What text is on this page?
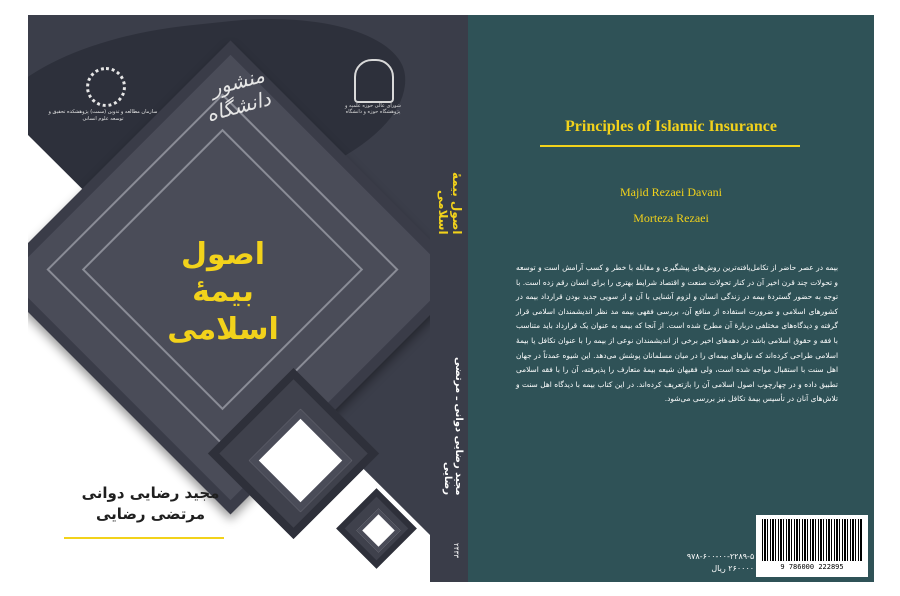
سازمان مطالعه و تدوین (سمت) پژوهشکده تحقیق و توسعه علوم انسانی
منشور دانشگاه	شورای عالی حوزه علمیه و پژوهشگاه حوزه و دانشگاه
اصول
بیمهٔ اسلامی
مجید رضایی دوانی
مرتضی رضایی
اصول بیمهٔ اسلامی
مجید رضایی دوانی ـ مرتضی رضایی
۲۴۳۳
Principles of Islamic Insurance
Majid Rezaei Davani
Morteza Rezaei
بیمه در عصر حاضر از تکامل‌یافته‌ترین روش‌های پیشگیری و مقابله با خطر و کسب آرامش است و توسعه و تحولات چند قرن اخیر آن در کنار تحولات صنعت و اقتصاد شرایط بهتری را برای انسان رقم زده است. با توجه به حضور گستردهٔ بیمه در زندگی انسان و لزوم آشنایی با آن و از سویی جدید بودن قرارداد بیمه در کشورهای اسلامی و ضرورت استفاده از منافع آن، بررسی فقهی بیمه مد نظر اندیشمندان اسلامی قرار گرفته و دیدگاه‌های مختلفی دربارهٔ آن مطرح شده است. از آنجا که بیمه به عنوان یک قرارداد باید متناسب با فقه و حقوق اسلامی باشد در دهه‌های اخیر برخی از اندیشمندان نوعی از بیمه را با عنوان تکافل یا بیمهٔ اسلامی طراحی کرده‌اند که نیازهای بیمه‌ای را در میان مسلمانان پوشش می‌دهد. این شیوه عمدتاً در جهان اهل سنت با استقبال مواجه شده است، ولی فقیهان شیعه بیمهٔ متعارف را پذیرفته، آن را با فقه اسلامی تطبیق داده و در چهارچوب اصول اسلامی آن را بازتعریف کرده‌اند. در این کتاب بیمه با دیدگاه اهل سنت و تلاش‌های آنان در تأسیس بیمهٔ تکافل نیز بررسی می‌شود.
۵-۲۲۸۹-۰۰-۶۰۰-۹۷۸
۲۶۰۰۰۰ ریال	9 786000 222895
